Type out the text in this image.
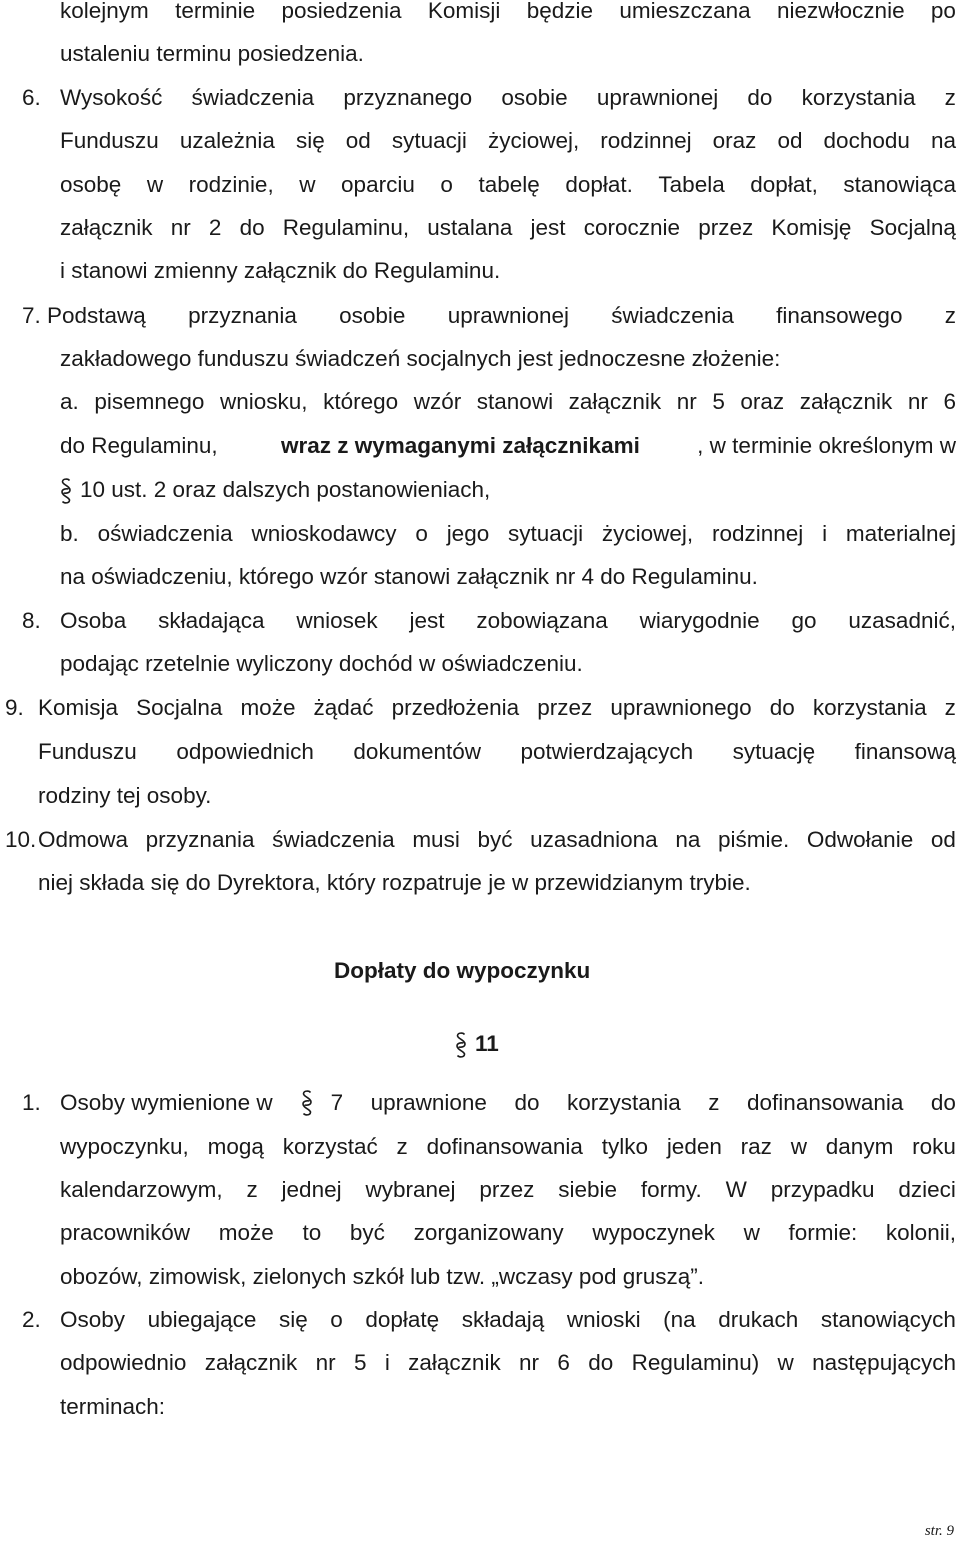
kolejnym terminie posiedzenia Komisji będzie umieszczana niezwłocznie po
ustaleniu terminu posiedzenia.
6. Wysokość świadczenia przyznanego osobie uprawnionej do korzystania z
Funduszu uzależnia się od sytuacji życiowej, rodzinnej oraz od dochodu na
osobę w rodzinie, w oparciu o tabelę dopłat. Tabela dopłat, stanowiąca
załącznik nr 2 do Regulaminu, ustalana jest corocznie przez Komisję Socjalną
i stanowi zmienny załącznik do Regulaminu.
7. Podstawą przyznania osobie uprawnionej świadczenia finansowego z
zakładowego funduszu świadczeń socjalnych jest jednoczesne złożenie:
a. pisemnego wniosku, którego wzór stanowi załącznik nr 5 oraz załącznik nr 6
do Regulaminu,	wraz z wymaganymi załącznikami	, w terminie określonym w
10 ust. 2 oraz dalszych postanowieniach,
b. oświadczenia wnioskodawcy o jego sytuacji życiowej, rodzinnej i materialnej
na oświadczeniu, którego wzór stanowi załącznik nr 4 do Regulaminu.
8. Osoba składająca wniosek jest zobowiązana wiarygodnie go uzasadnić,
podając rzetelnie wyliczony dochód w oświadczeniu.
9. Komisja Socjalna może żądać przedłożenia przez uprawnionego do korzystania z
Funduszu odpowiednich dokumentów potwierdzających sytuację finansową
rodziny tej osoby.
10. Odmowa przyznania świadczenia musi być uzasadniona na piśmie. Odwołanie od
niej składa się do Dyrektora, który rozpatruje je w przewidzianym trybie.
Dopłaty do wypoczynku
11
1. Osoby wymienione w	7 uprawnione do korzystania z dofinansowania do
wypoczynku, mogą korzystać z dofinansowania tylko jeden raz w danym roku
kalendarzowym, z jednej wybranej przez siebie formy. W przypadku dzieci
pracowników może to być zorganizowany wypoczynek w formie: kolonii,
obozów, zimowisk, zielonych szkół lub tzw. „wczasy pod gruszą”.
2. Osoby ubiegające się o dopłatę składają wnioski (na drukach stanowiących
odpowiednio załącznik nr 5 i załącznik nr 6 do Regulaminu) w następujących
terminach:
str. 9
